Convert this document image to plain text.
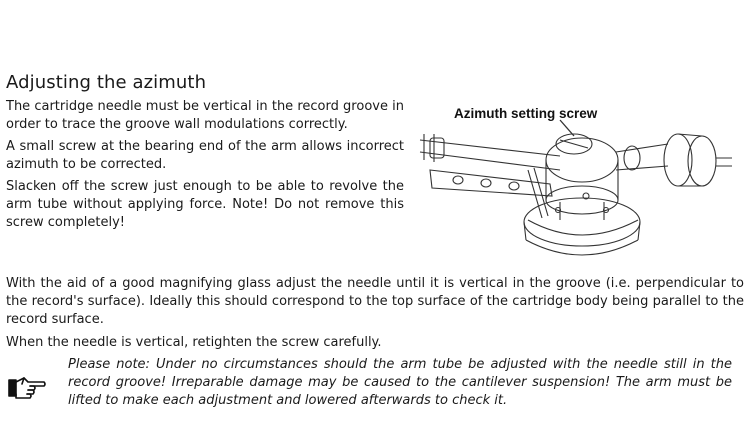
Adjusting the azimuth

The cartridge needle must be vertical in the record groove in order to trace the groove wall modulations correctly.

A small screw at the bearing end of the arm allows incorrect azimuth to be corrected.

Slacken off the screw just enough to be able to revolve the arm tube without applying force. Note! Do not remove this screw completely!

Azimuth setting screw

With the aid of a good magnifying glass adjust the needle until it is vertical in the groove (i.e. perpendicular to the record's surface). Ideally this should correspond to the top surface of the cartridge body being parallel to the record surface.

When the needle is vertical, retighten the screw carefully.

Please note: Under no circumstances should the arm tube be adjusted with the needle still in the record groove! Irreparable damage may be caused to the cantilever suspension! The arm must be lifted to make each adjustment and lowered afterwards to check it.
